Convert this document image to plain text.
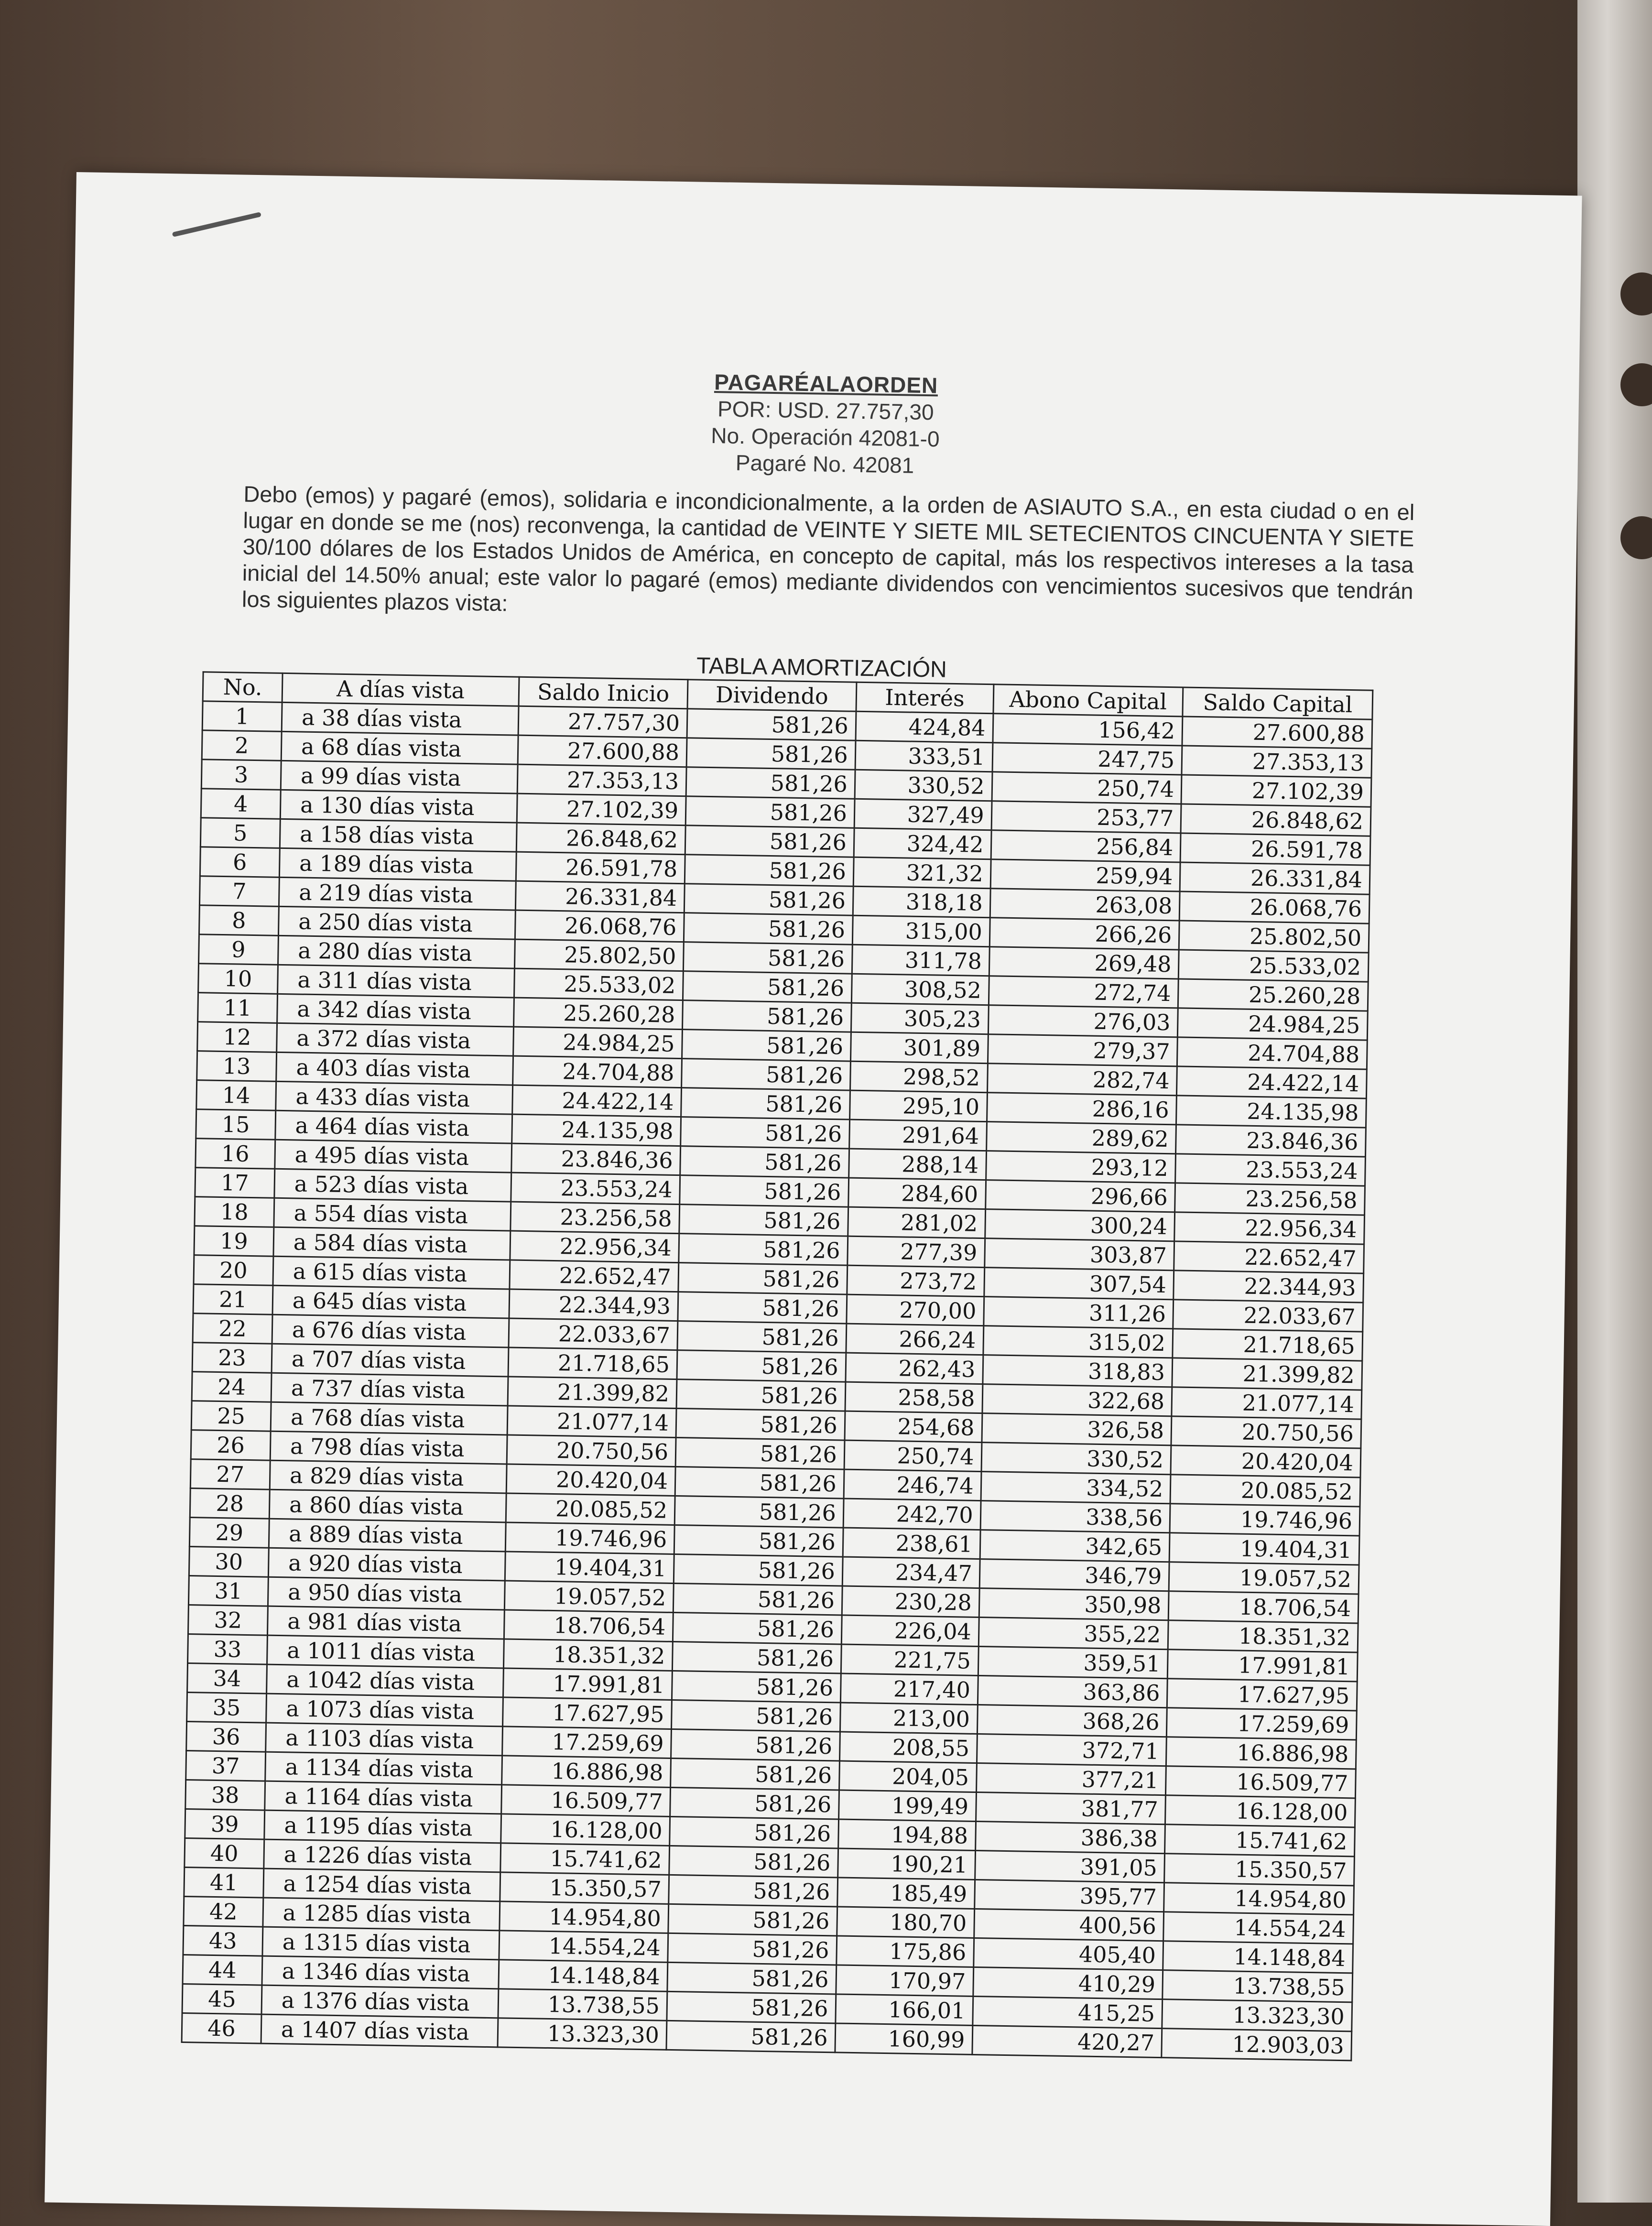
PAGARÉALAORDEN
POR: USD. 27.757,30
No. Operación 42081-0
Pagaré No. 42081
Debo (emos) y pagaré (emos), solidaria e incondicionalmente, a la orden de ASIAUTO S.A., en esta ciudad o en el lugar en donde se me (nos) reconvenga, la cantidad de VEINTE Y SIETE MIL SETECIENTOS CINCUENTA Y SIETE 30/100 dólares de los Estados Unidos de América, en concepto de capital, más los respectivos intereses a la tasa inicial del 14.50% anual; este valor lo pagaré (emos) mediante dividendos con vencimientos sucesivos que tendrán los siguientes plazos vista:
TABLA AMORTIZACIÓN
No.	A días vista	Saldo Inicio	Dividendo	Interés	Abono Capital	Saldo Capital
1	a 38 días vista	27.757,30	581,26	424,84	156,42	27.600,88
2	a 68 días vista	27.600,88	581,26	333,51	247,75	27.353,13
3	a 99 días vista	27.353,13	581,26	330,52	250,74	27.102,39
4	a 130 días vista	27.102,39	581,26	327,49	253,77	26.848,62
5	a 158 días vista	26.848,62	581,26	324,42	256,84	26.591,78
6	a 189 días vista	26.591,78	581,26	321,32	259,94	26.331,84
7	a 219 días vista	26.331,84	581,26	318,18	263,08	26.068,76
8	a 250 días vista	26.068,76	581,26	315,00	266,26	25.802,50
9	a 280 días vista	25.802,50	581,26	311,78	269,48	25.533,02
10	a 311 días vista	25.533,02	581,26	308,52	272,74	25.260,28
11	a 342 días vista	25.260,28	581,26	305,23	276,03	24.984,25
12	a 372 días vista	24.984,25	581,26	301,89	279,37	24.704,88
13	a 403 días vista	24.704,88	581,26	298,52	282,74	24.422,14
14	a 433 días vista	24.422,14	581,26	295,10	286,16	24.135,98
15	a 464 días vista	24.135,98	581,26	291,64	289,62	23.846,36
16	a 495 días vista	23.846,36	581,26	288,14	293,12	23.553,24
17	a 523 días vista	23.553,24	581,26	284,60	296,66	23.256,58
18	a 554 días vista	23.256,58	581,26	281,02	300,24	22.956,34
19	a 584 días vista	22.956,34	581,26	277,39	303,87	22.652,47
20	a 615 días vista	22.652,47	581,26	273,72	307,54	22.344,93
21	a 645 días vista	22.344,93	581,26	270,00	311,26	22.033,67
22	a 676 días vista	22.033,67	581,26	266,24	315,02	21.718,65
23	a 707 días vista	21.718,65	581,26	262,43	318,83	21.399,82
24	a 737 días vista	21.399,82	581,26	258,58	322,68	21.077,14
25	a 768 días vista	21.077,14	581,26	254,68	326,58	20.750,56
26	a 798 días vista	20.750,56	581,26	250,74	330,52	20.420,04
27	a 829 días vista	20.420,04	581,26	246,74	334,52	20.085,52
28	a 860 días vista	20.085,52	581,26	242,70	338,56	19.746,96
29	a 889 días vista	19.746,96	581,26	238,61	342,65	19.404,31
30	a 920 días vista	19.404,31	581,26	234,47	346,79	19.057,52
31	a 950 días vista	19.057,52	581,26	230,28	350,98	18.706,54
32	a 981 días vista	18.706,54	581,26	226,04	355,22	18.351,32
33	a 1011 días vista	18.351,32	581,26	221,75	359,51	17.991,81
34	a 1042 días vista	17.991,81	581,26	217,40	363,86	17.627,95
35	a 1073 días vista	17.627,95	581,26	213,00	368,26	17.259,69
36	a 1103 días vista	17.259,69	581,26	208,55	372,71	16.886,98
37	a 1134 días vista	16.886,98	581,26	204,05	377,21	16.509,77
38	a 1164 días vista	16.509,77	581,26	199,49	381,77	16.128,00
39	a 1195 días vista	16.128,00	581,26	194,88	386,38	15.741,62
40	a 1226 días vista	15.741,62	581,26	190,21	391,05	15.350,57
41	a 1254 días vista	15.350,57	581,26	185,49	395,77	14.954,80
42	a 1285 días vista	14.954,80	581,26	180,70	400,56	14.554,24
43	a 1315 días vista	14.554,24	581,26	175,86	405,40	14.148,84
44	a 1346 días vista	14.148,84	581,26	170,97	410,29	13.738,55
45	a 1376 días vista	13.738,55	581,26	166,01	415,25	13.323,30
46	a 1407 días vista	13.323,30	581,26	160,99	420,27	12.903,03
